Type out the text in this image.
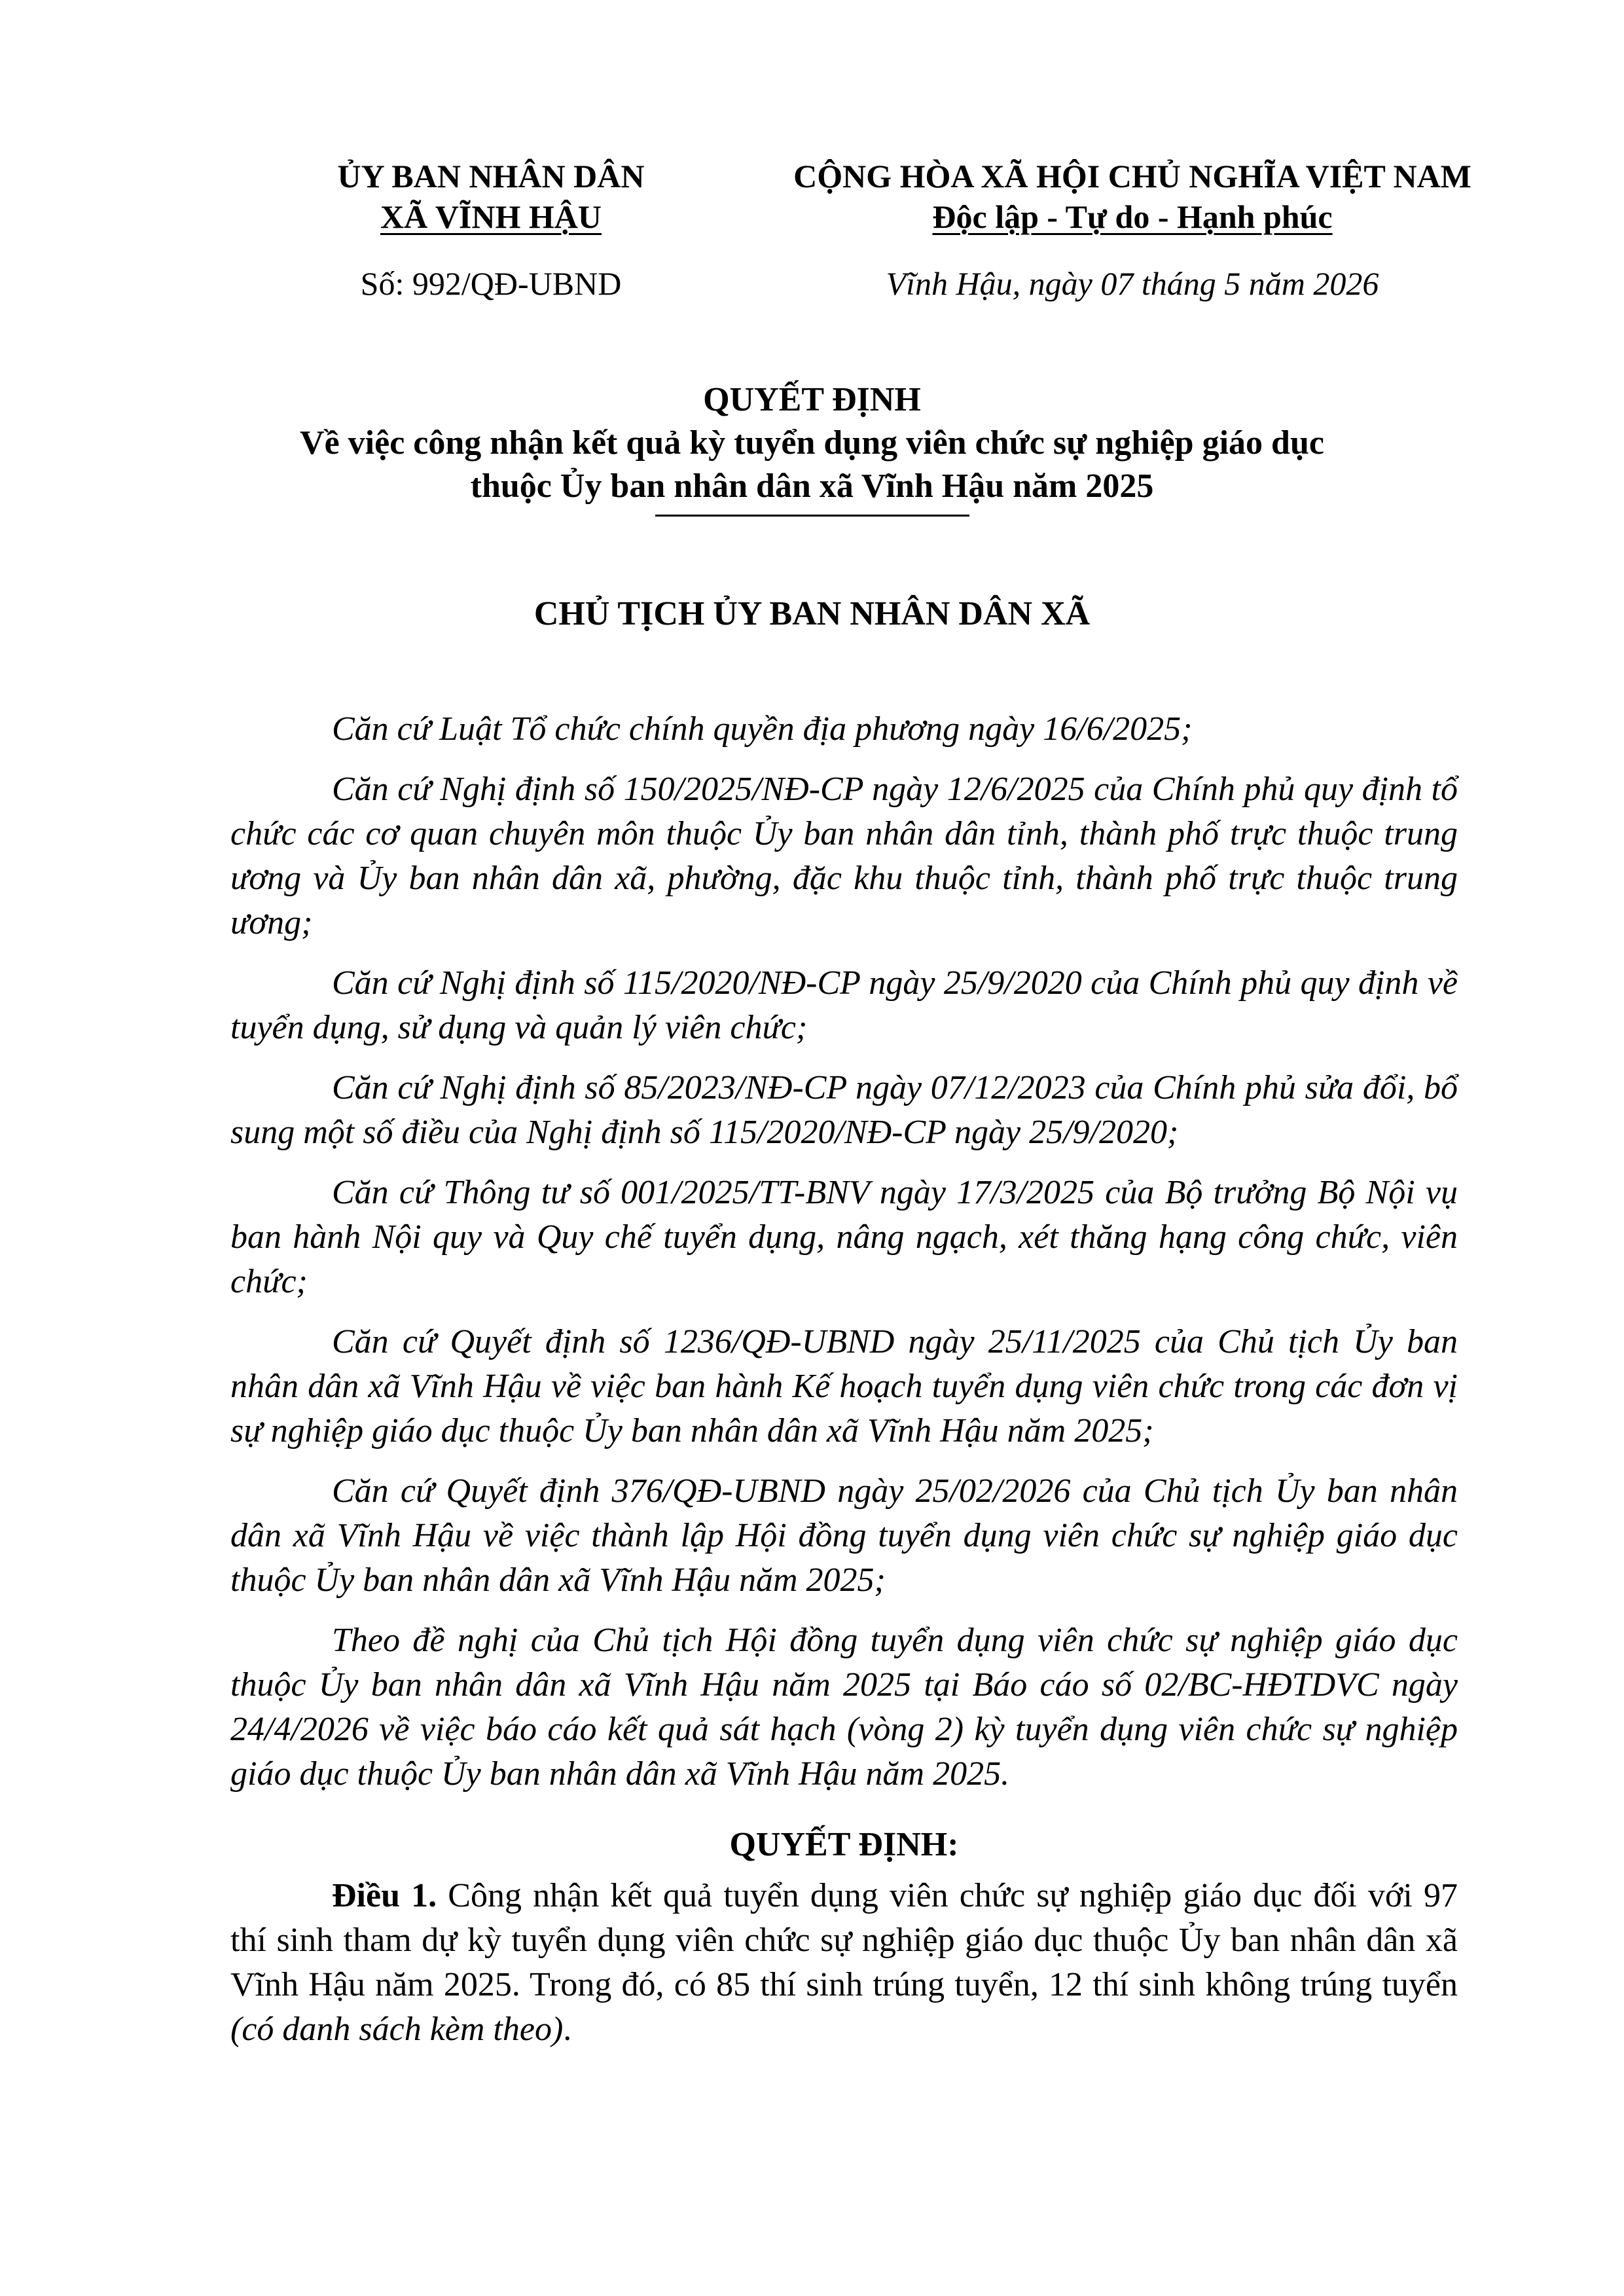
ỦY BAN NHÂN DÂN
XÃ VĨNH HẬU
Số: 992/QĐ-UBND
CỘNG HÒA XÃ HỘI CHỦ NGHĨA VIỆT NAM
Độc lập - Tự do - Hạnh phúc
Vĩnh Hậu, ngày 07 tháng 5 năm 2026
QUYẾT ĐỊNH
Về việc công nhận kết quả kỳ tuyển dụng viên chức sự nghiệp giáo dục
thuộc Ủy ban nhân dân xã Vĩnh Hậu năm 2025
CHỦ TỊCH ỦY BAN NHÂN DÂN XÃ

Căn cứ Luật Tổ chức chính quyền địa phương ngày 16/6/2025;

Căn cứ Nghị định số 150/2025/NĐ-CP ngày 12/6/2025 của Chính phủ quy định tổ chức các cơ quan chuyên môn thuộc Ủy ban nhân dân tỉnh, thành phố trực thuộc trung ương và Ủy ban nhân dân xã, phường, đặc khu thuộc tỉnh, thành phố trực thuộc trung ương;

Căn cứ Nghị định số 115/2020/NĐ-CP ngày 25/9/2020 của Chính phủ quy định về tuyển dụng, sử dụng và quản lý viên chức;

Căn cứ Nghị định số 85/2023/NĐ-CP ngày 07/12/2023 của Chính phủ sửa đổi, bổ sung một số điều của Nghị định số 115/2020/NĐ-CP ngày 25/9/2020;

Căn cứ Thông tư số 001/2025/TT-BNV ngày 17/3/2025 của Bộ trưởng Bộ Nội vụ ban hành Nội quy và Quy chế tuyển dụng, nâng ngạch, xét thăng hạng công chức, viên chức;

Căn cứ Quyết định số 1236/QĐ-UBND ngày 25/11/2025 của Chủ tịch Ủy ban nhân dân xã Vĩnh Hậu về việc ban hành Kế hoạch tuyển dụng viên chức trong các đơn vị sự nghiệp giáo dục thuộc Ủy ban nhân dân xã Vĩnh Hậu năm 2025;

Căn cứ Quyết định 376/QĐ-UBND ngày 25/02/2026 của Chủ tịch Ủy ban nhân dân xã Vĩnh Hậu về việc thành lập Hội đồng tuyển dụng viên chức sự nghiệp giáo dục thuộc Ủy ban nhân dân xã Vĩnh Hậu năm 2025;

Theo đề nghị của Chủ tịch Hội đồng tuyển dụng viên chức sự nghiệp giáo dục thuộc Ủy ban nhân dân xã Vĩnh Hậu năm 2025 tại Báo cáo số 02/BC-HĐTDVC ngày 24/4/2026 về việc báo cáo kết quả sát hạch (vòng 2) kỳ tuyển dụng viên chức sự nghiệp giáo dục thuộc Ủy ban nhân dân xã Vĩnh Hậu năm 2025.

QUYẾT ĐỊNH:

Điều 1. Công nhận kết quả tuyển dụng viên chức sự nghiệp giáo dục đối với 97 thí sinh tham dự kỳ tuyển dụng viên chức sự nghiệp giáo dục thuộc Ủy ban nhân dân xã Vĩnh Hậu năm 2025. Trong đó, có 85 thí sinh trúng tuyển, 12 thí sinh không trúng tuyển (có danh sách kèm theo).
